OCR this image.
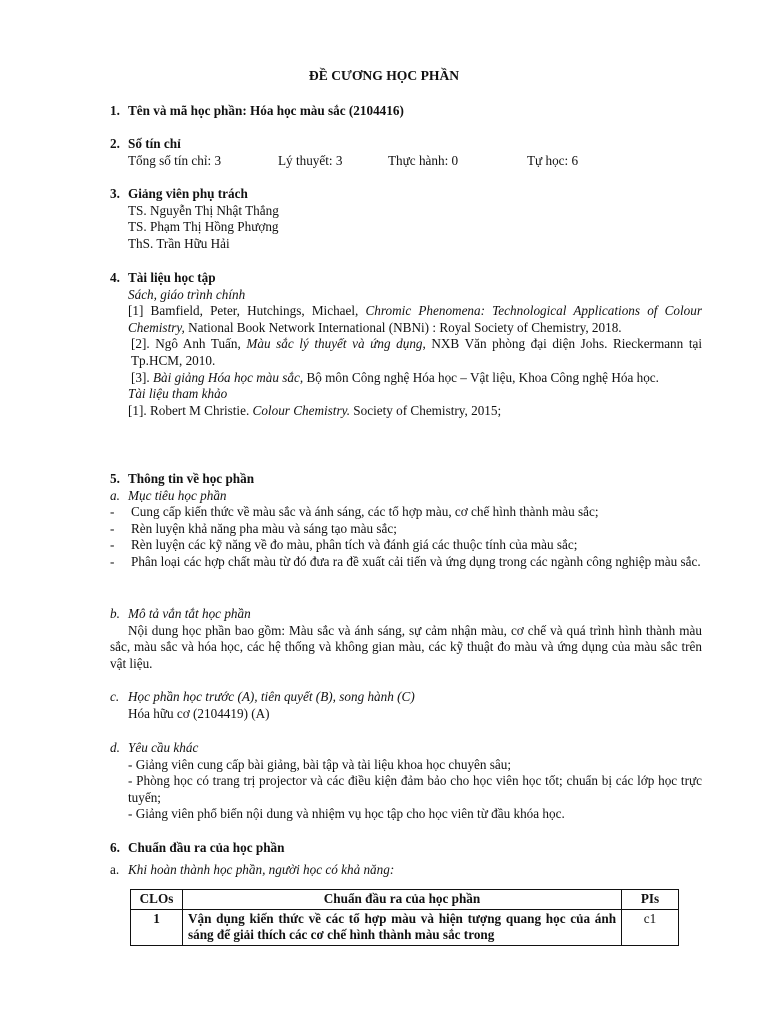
ĐỀ CƯƠNG HỌC PHẦN
1. Tên và mã học phần: Hóa học màu sắc (2104416)
2. Số tín chỉ
Tổng số tín chỉ: 3	Lý thuyết: 3	Thực hành: 0	Tự học: 6
3. Giảng viên phụ trách
TS. Nguyễn Thị Nhật Thắng
TS. Phạm Thị Hồng Phượng
ThS. Trần Hữu Hải
4. Tài liệu học tập
Sách, giáo trình chính
[1] Bamfield, Peter, Hutchings, Michael, Chromic Phenomena: Technological Applications of Colour Chemistry, National Book Network International (NBNi) : Royal Society of Chemistry, 2018.
[2]. Ngô Anh Tuấn, Màu sắc lý thuyết và ứng dụng, NXB Văn phòng đại diện Johs. Rieckermann tại Tp.HCM, 2010.
[3]. Bài giảng Hóa học màu sắc, Bộ môn Công nghệ Hóa học – Vật liệu, Khoa Công nghệ Hóa học.
Tài liệu tham khảo
[1]. Robert M Christie. Colour Chemistry. Society of Chemistry, 2015;
5. Thông tin về học phần
a. Mục tiêu học phần
- Cung cấp kiến thức về màu sắc và ánh sáng, các tổ hợp màu, cơ chế hình thành màu sắc;
- Rèn luyện khả năng pha màu và sáng tạo màu sắc;
- Rèn luyện các kỹ năng về đo màu, phân tích và đánh giá các thuộc tính của màu sắc;
- Phân loại các hợp chất màu từ đó đưa ra đề xuất cải tiến và ứng dụng trong các ngành công nghiệp màu sắc.
b. Mô tả vắn tắt học phần
Nội dung học phần bao gồm: Màu sắc và ánh sáng, sự cảm nhận màu, cơ chế và quá trình hình thành màu sắc, màu sắc và hóa học, các hệ thống và không gian màu, các kỹ thuật đo màu và ứng dụng của màu sắc trên vật liệu.
c. Học phần học trước (A), tiên quyết (B), song hành (C)
Hóa hữu cơ (2104419) (A)
d. Yêu cầu khác
- Giảng viên cung cấp bài giảng, bài tập và tài liệu khoa học chuyên sâu;
- Phòng học có trang trị projector và các điều kiện đảm bảo cho học viên học tốt; chuẩn bị các lớp học trực tuyến;
- Giảng viên phổ biến nội dung và nhiệm vụ học tập cho học viên từ đầu khóa học.
6. Chuẩn đầu ra của học phần
a. Khi hoàn thành học phần, người học có khả năng:
CLOs	Chuẩn đầu ra của học phần	PIs
1	Vận dụng kiến thức về các tổ hợp màu và hiện tượng quang học của ánh sáng để giải thích các cơ chế hình thành màu sắc trong	c1
